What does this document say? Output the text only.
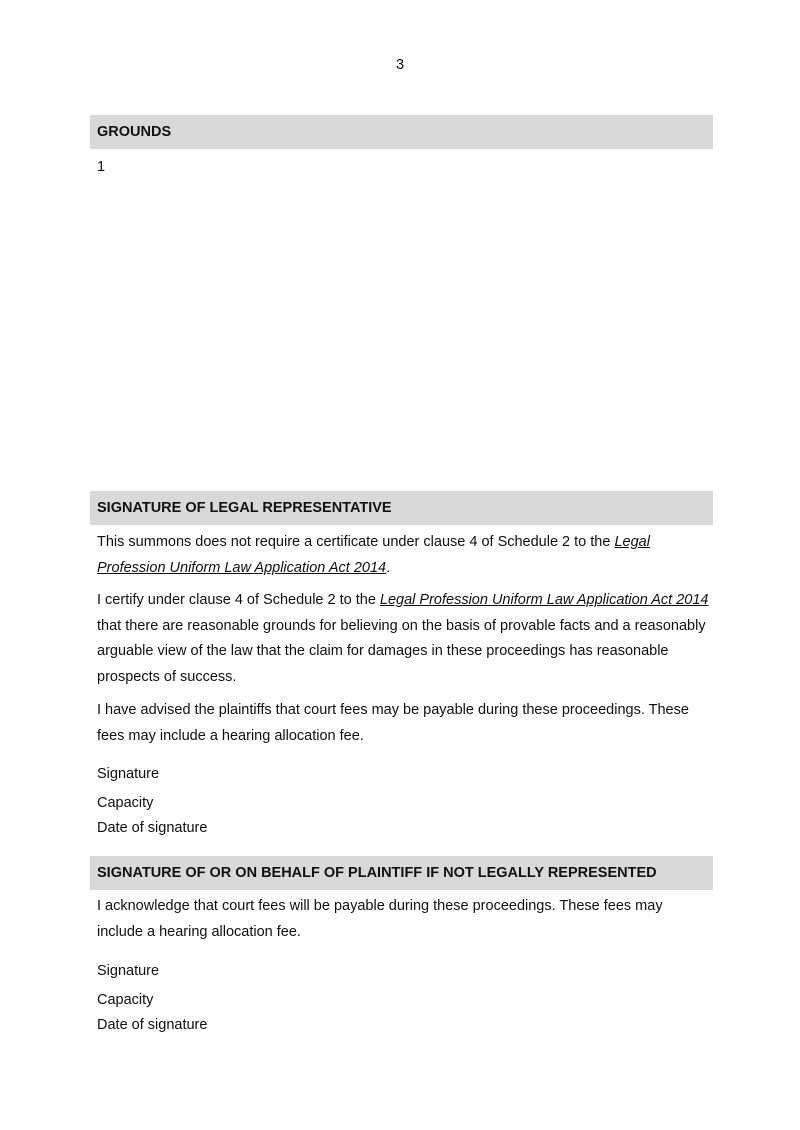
3
GROUNDS
1
SIGNATURE OF LEGAL REPRESENTATIVE

This summons does not require a certificate under clause 4 of Schedule 2 to the Legal Profession Uniform Law Application Act 2014.

I certify under clause 4 of Schedule 2 to the Legal Profession Uniform Law Application Act 2014 that there are reasonable grounds for believing on the basis of provable facts and a reasonably arguable view of the law that the claim for damages in these proceedings has reasonable prospects of success.

I have advised the plaintiffs that court fees may be payable during these proceedings. These fees may include a hearing allocation fee.

Signature
Capacity
Date of signature
SIGNATURE OF OR ON BEHALF OF PLAINTIFF IF NOT LEGALLY REPRESENTED

I acknowledge that court fees will be payable during these proceedings. These fees may include a hearing allocation fee.

Signature
Capacity
Date of signature
